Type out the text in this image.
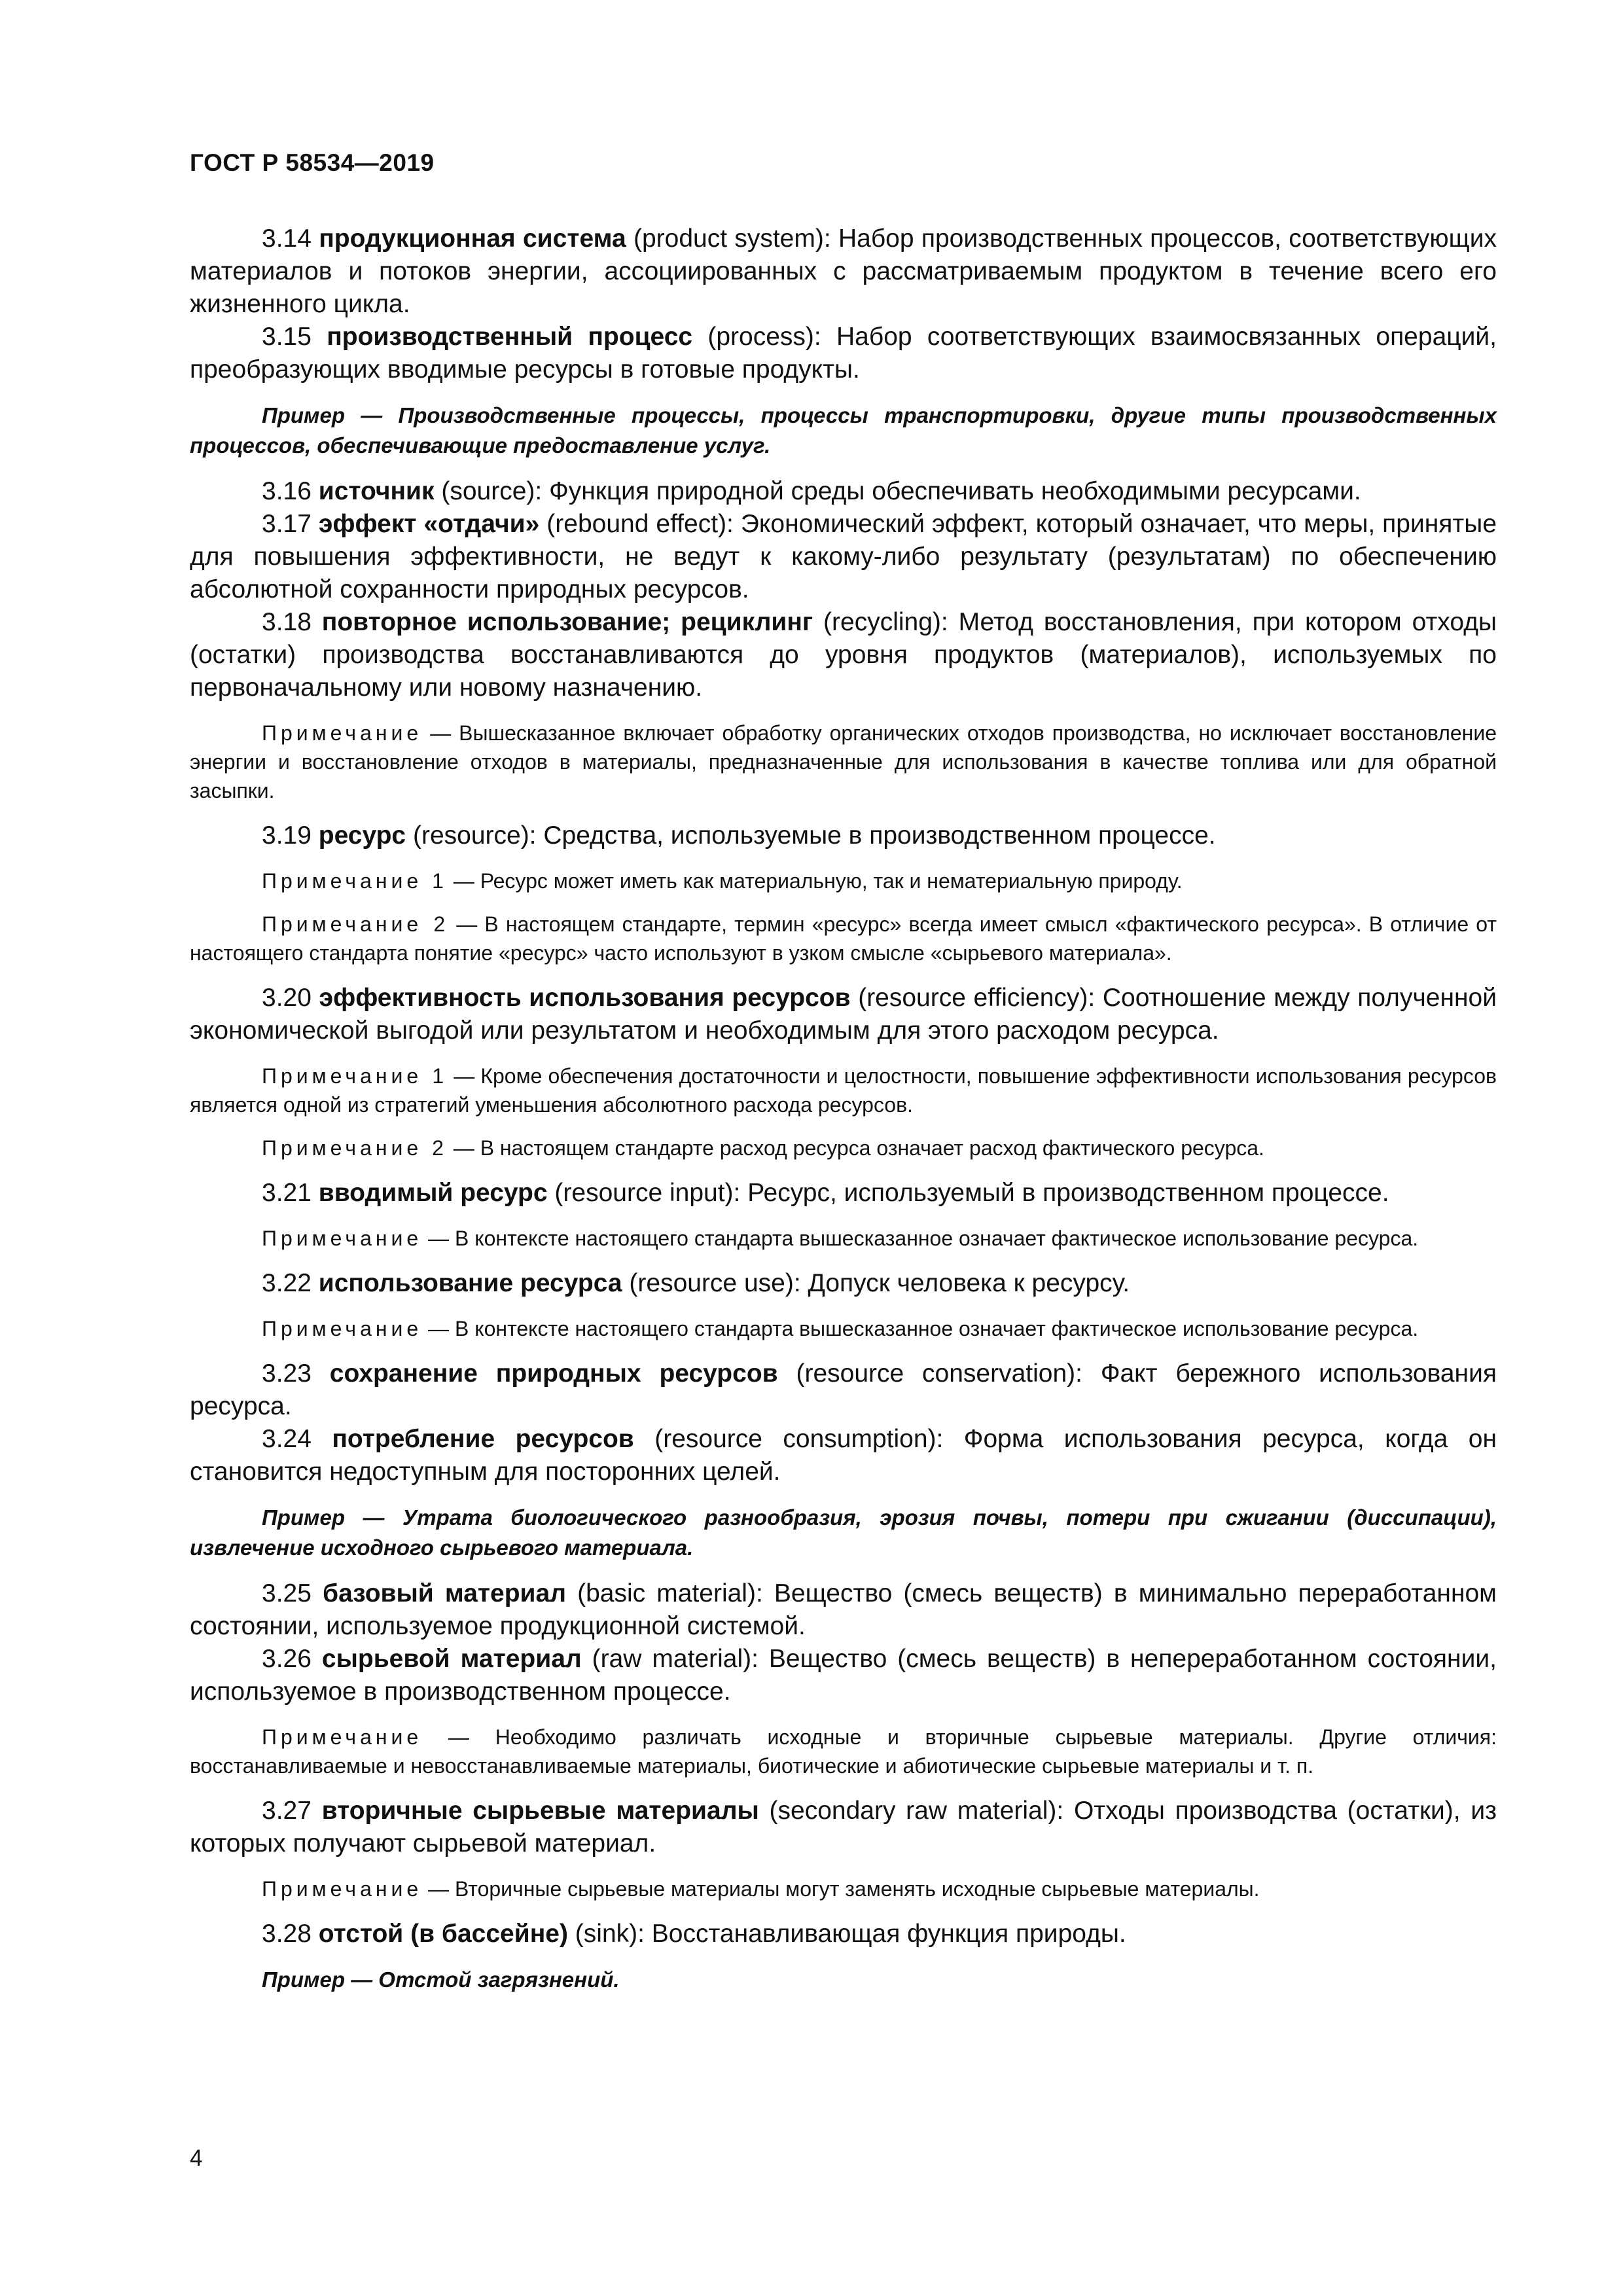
ГОСТ Р 58534—2019

3.14 продукционная система (product system): Набор производственных процессов, соответствующих материалов и потоков энергии, ассоциированных с рассматриваемым продуктом в течение всего его жизненного цикла.

3.15 производственный процесс (process): Набор соответствующих взаимосвязанных операций, преобразующих вводимые ресурсы в готовые продукты.

Пример — Производственные процессы, процессы транспортировки, другие типы производственных процессов, обеспечивающие предоставление услуг.

3.16 источник (source): Функция природной среды обеспечивать необходимыми ресурсами.

3.17 эффект «отдачи» (rebound effect): Экономический эффект, который означает, что меры, принятые для повышения эффективности, не ведут к какому-либо результату (результатам) по обеспечению абсолютной сохранности природных ресурсов.

3.18 повторное использование; рециклинг (recycling): Метод восстановления, при котором отходы (остатки) производства восстанавливаются до уровня продуктов (материалов), используемых по первоначальному или новому назначению.

Примечание — Вышесказанное включает обработку органических отходов производства, но исключает восстановление энергии и восстановление отходов в материалы, предназначенные для использования в качестве топлива или для обратной засыпки.

3.19 ресурс (resource): Средства, используемые в производственном процессе.

Примечание 1 — Ресурс может иметь как материальную, так и нематериальную природу.

Примечание 2 — В настоящем стандарте, термин «ресурс» всегда имеет смысл «фактического ресурса». В отличие от настоящего стандарта понятие «ресурс» часто используют в узком смысле «сырьевого материала».

3.20 эффективность использования ресурсов (resource efficiency): Соотношение между полученной экономической выгодой или результатом и необходимым для этого расходом ресурса.

Примечание 1 — Кроме обеспечения достаточности и целостности, повышение эффективности использования ресурсов является одной из стратегий уменьшения абсолютного расхода ресурсов.

Примечание 2 — В настоящем стандарте расход ресурса означает расход фактического ресурса.

3.21 вводимый ресурс (resource input): Ресурс, используемый в производственном процессе.

Примечание — В контексте настоящего стандарта вышесказанное означает фактическое использование ресурса.

3.22 использование ресурса (resource use): Допуск человека к ресурсу.

Примечание — В контексте настоящего стандарта вышесказанное означает фактическое использование ресурса.

3.23 сохранение природных ресурсов (resource conservation): Факт бережного использования ресурса.

3.24 потребление ресурсов (resource consumption): Форма использования ресурса, когда он становится недоступным для посторонних целей.

Пример — Утрата биологического разнообразия, эрозия почвы, потери при сжигании (диссипации), извлечение исходного сырьевого материала.

3.25 базовый материал (basic material): Вещество (смесь веществ) в минимально переработанном состоянии, используемое продукционной системой.

3.26 сырьевой материал (raw material): Вещество (смесь веществ) в непереработанном состоянии, используемое в производственном процессе.

Примечание — Необходимо различать исходные и вторичные сырьевые материалы. Другие отличия: восстанавливаемые и невосстанавливаемые материалы, биотические и абиотические сырьевые материалы и т. п.

3.27 вторичные сырьевые материалы (secondary raw material): Отходы производства (остатки), из которых получают сырьевой материал.

Примечание — Вторичные сырьевые материалы могут заменять исходные сырьевые материалы.

3.28 отстой (в бассейне) (sink): Восстанавливающая функция природы.

Пример — Отстой загрязнений.

4
